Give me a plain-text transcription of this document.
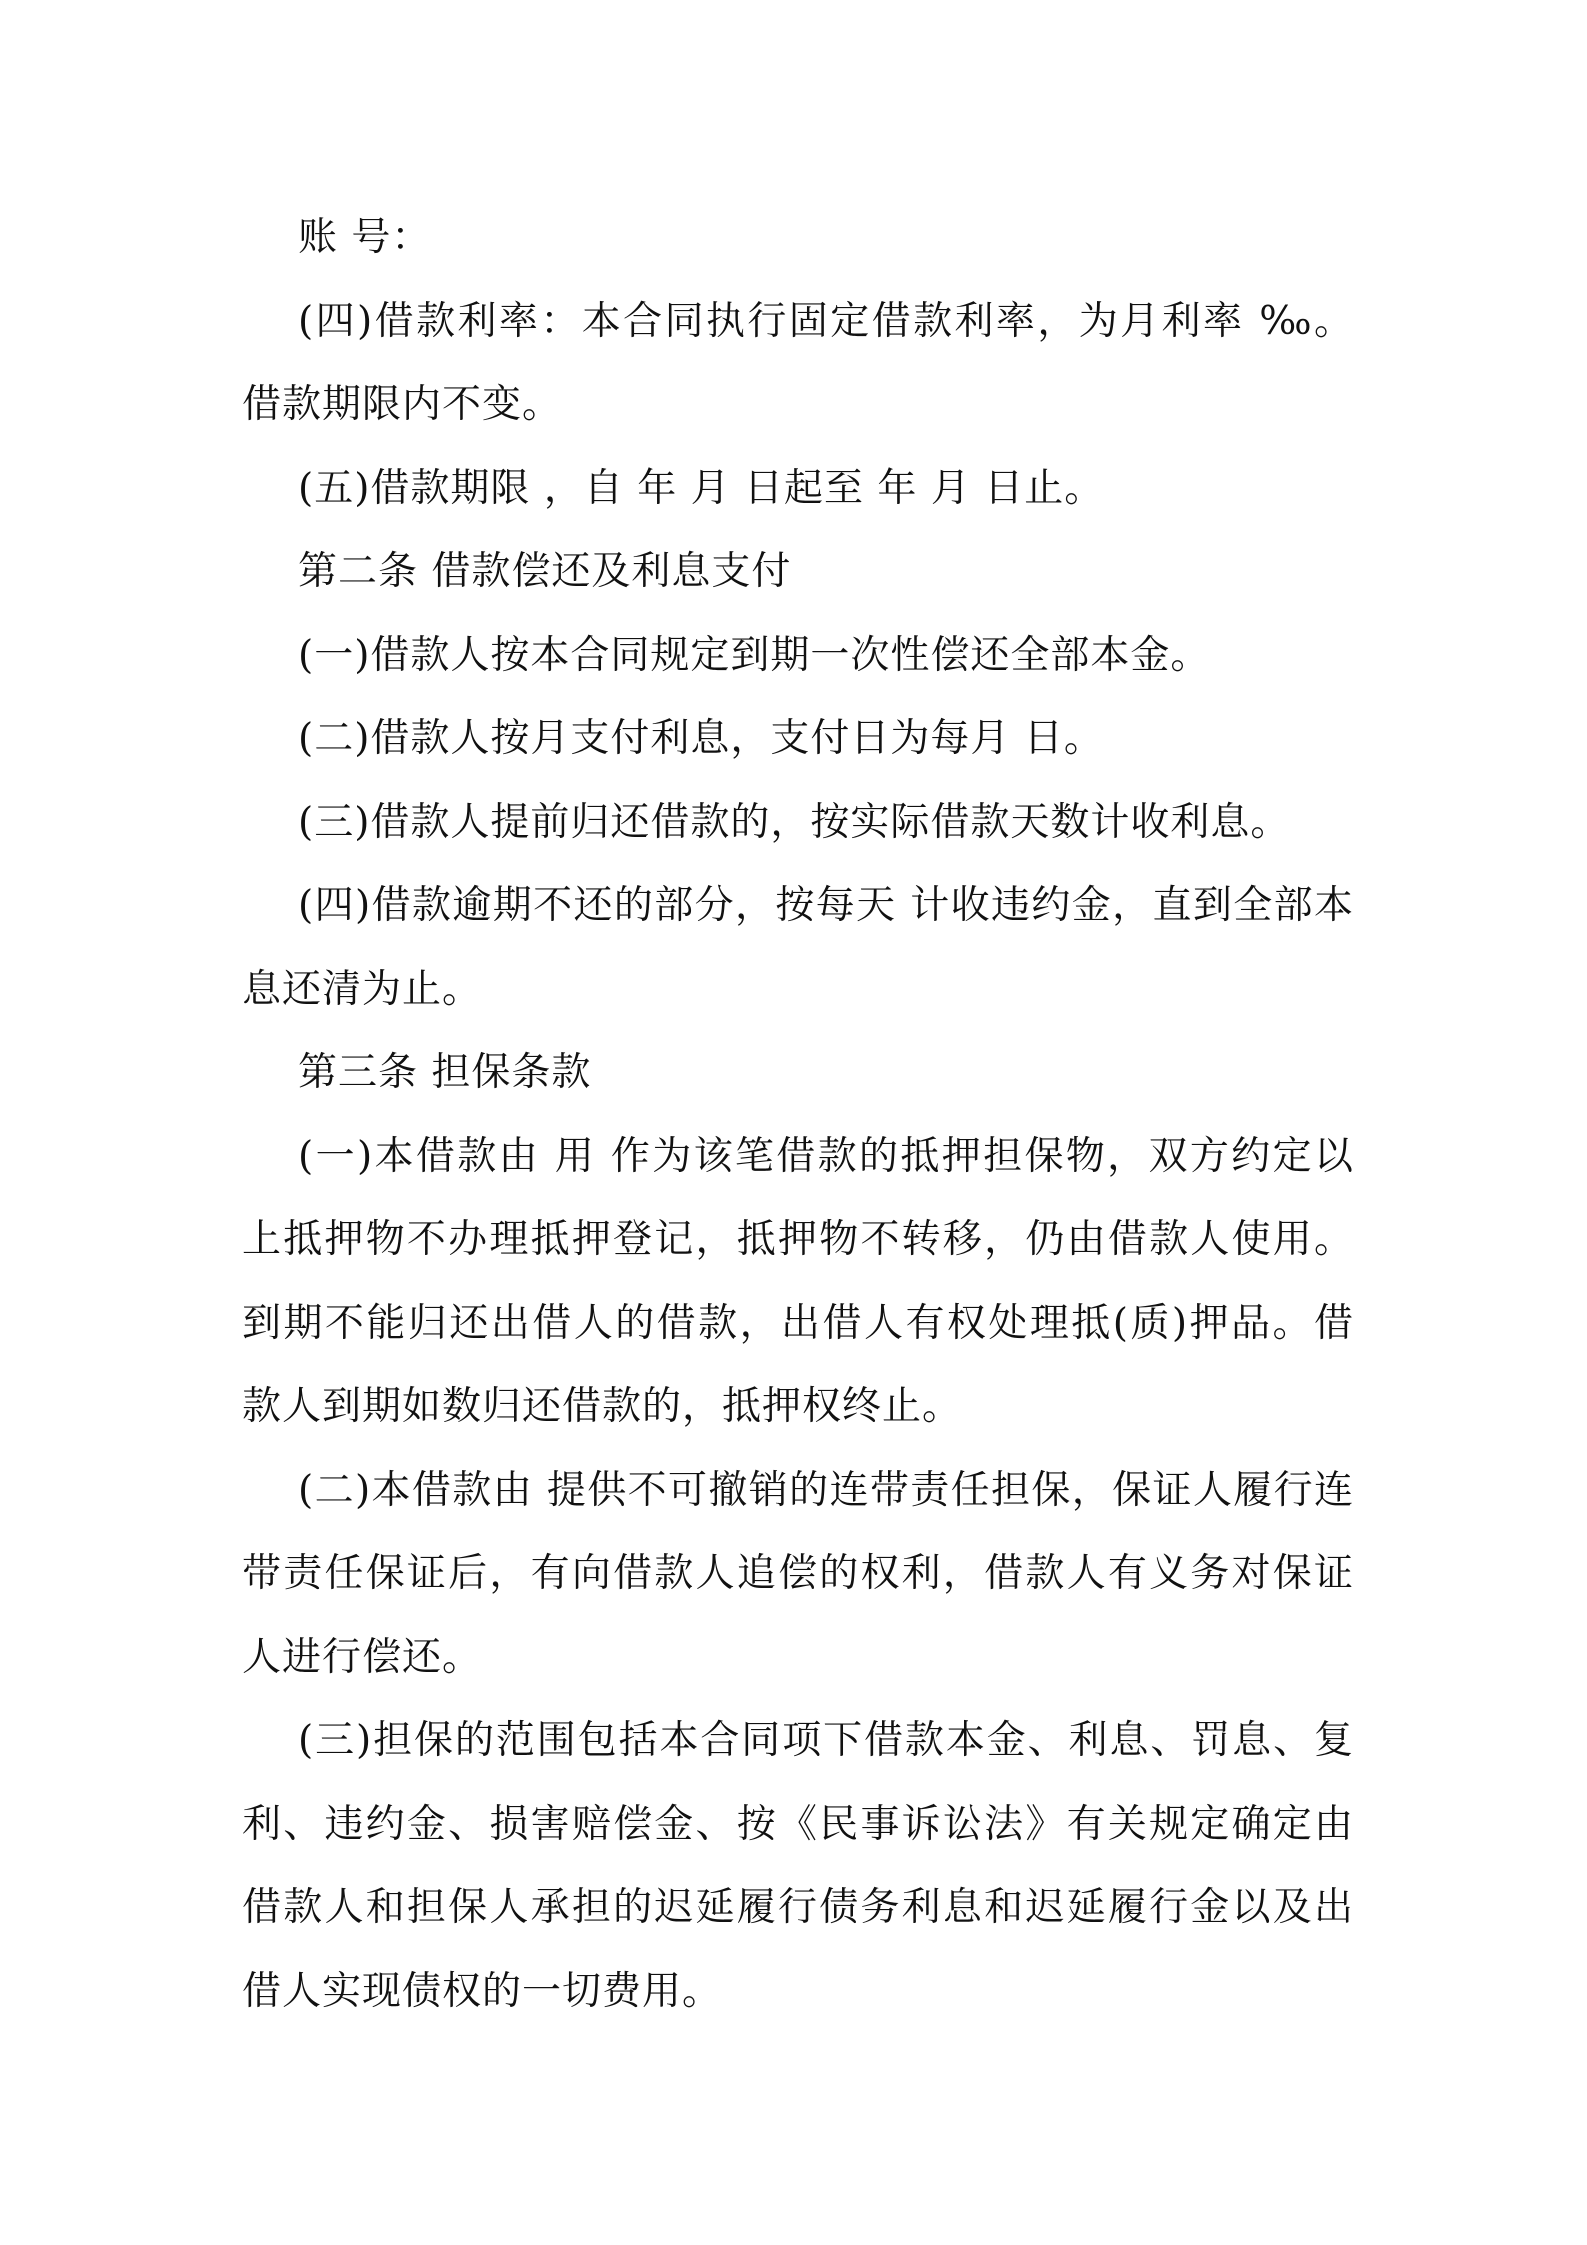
账 号：

(四)借款利率：本合同执行固定借款利率，为月利率 ‰。借款期限内不变。

(五)借款期限 ，自 年 月 日起至 年 月 日止。

第二条 借款偿还及利息支付

(一)借款人按本合同规定到期一次性偿还全部本金。

(二)借款人按月支付利息，支付日为每月 日。

(三)借款人提前归还借款的，按实际借款天数计收利息。

(四)借款逾期不还的部分，按每天 计收违约金，直到全部本息还清为止。

第三条 担保条款

(一)本借款由 用 作为该笔借款的抵押担保物，双方约定以上抵押物不办理抵押登记，抵押物不转移，仍由借款人使用。到期不能归还出借人的借款，出借人有权处理抵(质)押品。借款人到期如数归还借款的，抵押权终止。

(二)本借款由 提供不可撤销的连带责任担保，保证人履行连带责任保证后，有向借款人追偿的权利，借款人有义务对保证人进行偿还。

(三)担保的范围包括本合同项下借款本金、利息、罚息、复利、违约金、损害赔偿金、按《民事诉讼法》有关规定确定由借款人和担保人承担的迟延履行债务利息和迟延履行金以及出借人实现债权的一切费用。
